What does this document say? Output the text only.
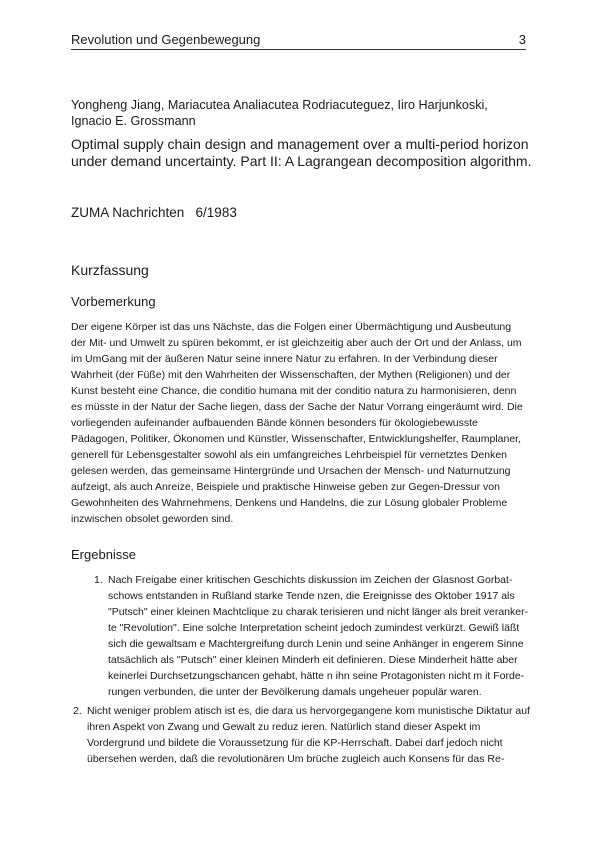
Revolution und Gegenbewegung	3
Yongheng Jiang, Mariacutea Analiacutea Rodriacuteguez, Iiro Harjunkoski, Ignacio E. Grossmann
Optimal supply chain design and management over a multi-period horizon under demand uncertainty. Part II: A Lagrangean decomposition algorithm.
ZUMA Nachrichten   6/1983
Kurzfassung
Vorbemerkung

Der eigene Körper ist das uns Nächste, das die Folgen einer Übermächtigung und Ausbeutung der Mit- und Umwelt zu spüren bekommt, er ist gleichzeitig aber auch der Ort und der Anlass, um im UmGang mit der äußeren Natur seine innere Natur zu erfahren. In der Verbindung dieser Wahrheit (der Füße) mit den Wahrheiten der Wissenschaften, der Mythen (Religionen) und der Kunst besteht eine Chance, die conditio humana mit der conditio natura zu harmonisieren, denn es müsste in der Natur der Sache liegen, dass der Sache der Natur Vorrang eingeräumt wird. Die vorliegenden aufeinander aufbauenden Bände können besonders für ökologiebewusste Pädagogen, Politiker, Ökonomen und Künstler, Wissenschafter, Entwicklungshelfer, Raumplaner, generell für Lebensgestalter sowohl als ein umfangreiches Lehrbeispiel für vernetztes Denken gelesen werden, das gemeinsame Hintergründe und Ursachen der Mensch- und Naturnutzung aufzeigt, als auch Anreize, Beispiele und praktische Hinweise geben zur Gegen-Dressur von Gewohnheiten des Wahrnehmens, Denkens und Handelns, die zur Lösung globaler Probleme inzwischen obsolet geworden sind.

Ergebnisse
1. Nach Freigabe einer kritischen Geschichts diskussion im Zeichen der Glasnost Gorbat- schows entstanden in Rußland starke Tende nzen, die Ereignisse des Oktober 1917 als "Putsch" einer kleinen Machtclique zu charak terisieren und nicht länger als breit veranker-te "Revolution". Eine solche Interpretation scheint jedoch zumindest verkürzt. Gewiß läßt sich die gewaltsam e Machtergreifung durch Lenin und seine Anhänger in engerem Sinne tatsächlich als "Putsch" einer kleinen Minderh eit definieren. Diese Minderheit hätte aber keinerlei Durchsetzungschancen gehabt, hätte n ihn seine Protagonisten nicht m it Forde-rungen verbunden, die unter der Bevölkerung damals ungeheuer populär waren.
2. Nicht weniger problem atisch ist es, die dara us hervorgegangene kom munistische Diktatur auf ihren Aspekt von Zwang und Gewalt zu reduz ieren. Natürlich stand dieser Aspekt im Vordergrund und bildete die Voraussetzung für die KP-Herrschaft. Dabei darf jedoch nicht übersehen werden, daß die revolutionären Um brüche zugleich auch Konsens für das Re-
